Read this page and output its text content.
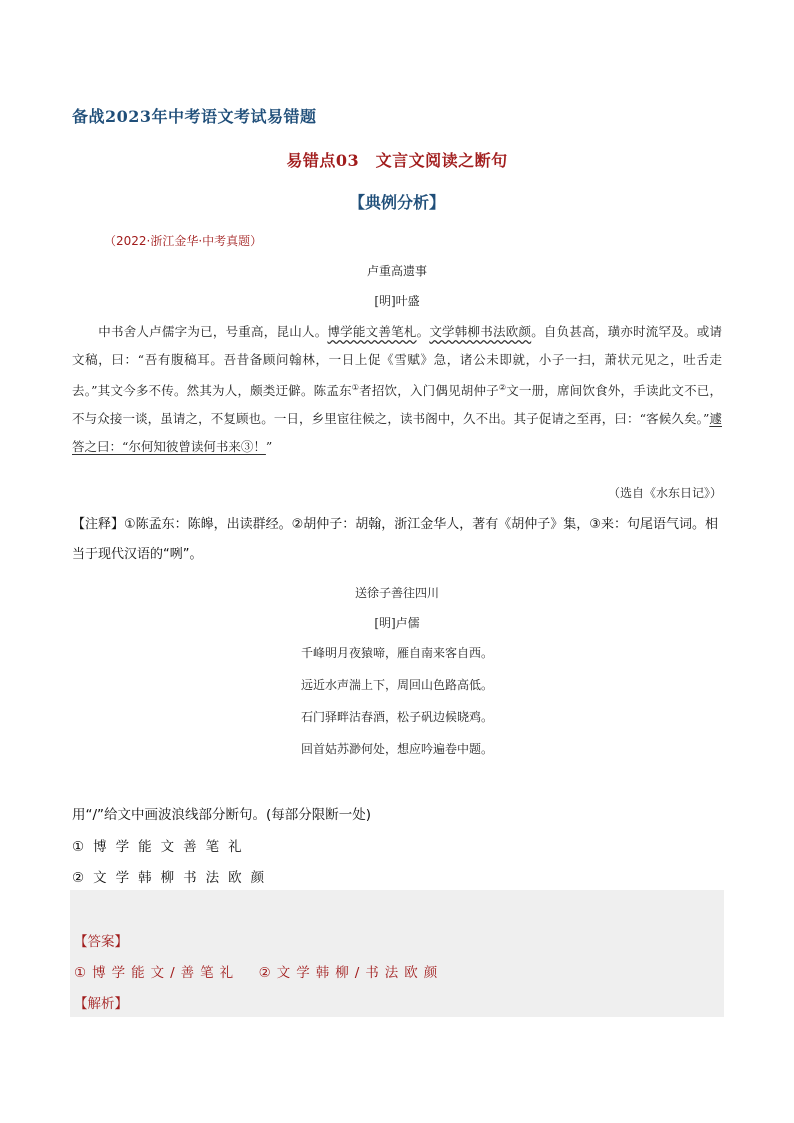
备战2023年中考语文考试易错题
易错点03　文言文阅读之断句
【典例分析】
（2022·浙江金华·中考真题）
卢重高遗事
[明]叶盛
中书舍人卢儒字为已，号重高，昆山人。博学能文善笔札。文学韩柳书法欧颜。自负甚高，璜亦时流罕及。或请文稿，曰：“吾有腹稿耳。吾昔备顾问翰林，一日上促《雪赋》急，诸公未即就，小子一扫，萧状元见之，吐舌走去。”其文今多不传。然其为人，颇类迂僻。陈孟东①者招饮，入门偶见胡仲子②文一册，席间饮食外，手读此文不已，不与众接一谈，虽请之，不复顾也。一日，乡里宦往候之，读书阁中，久不出。其子促请之至再，曰：“客候久矣。”遽答之曰：“尔何知彼曾读何书来③！”
（选自《水东日记》）
【注释】①陈孟东：陈皞，出读群经。②胡仲子：胡翰，浙江金华人，著有《胡仲子》集，③来：句尾语气词。相当于现代汉语的“咧”。
送徐子善往四川
[明]卢儒
千峰明月夜猿啼，雁自南来客自西。
远近水声湍上下，周回山色路高低。
石门驿畔沽春酒，松子矾边候晓鸡。
回首姑苏渺何处，想应吟遍卷中题。
用“/”给文中画波浪线部分断句。(每部分限断一处)
①博学能文善笔礼
②文学韩柳书法欧颜
【答案】
①博学能文/善笔礼　②文学韩柳/书法欧颜
【解析】
